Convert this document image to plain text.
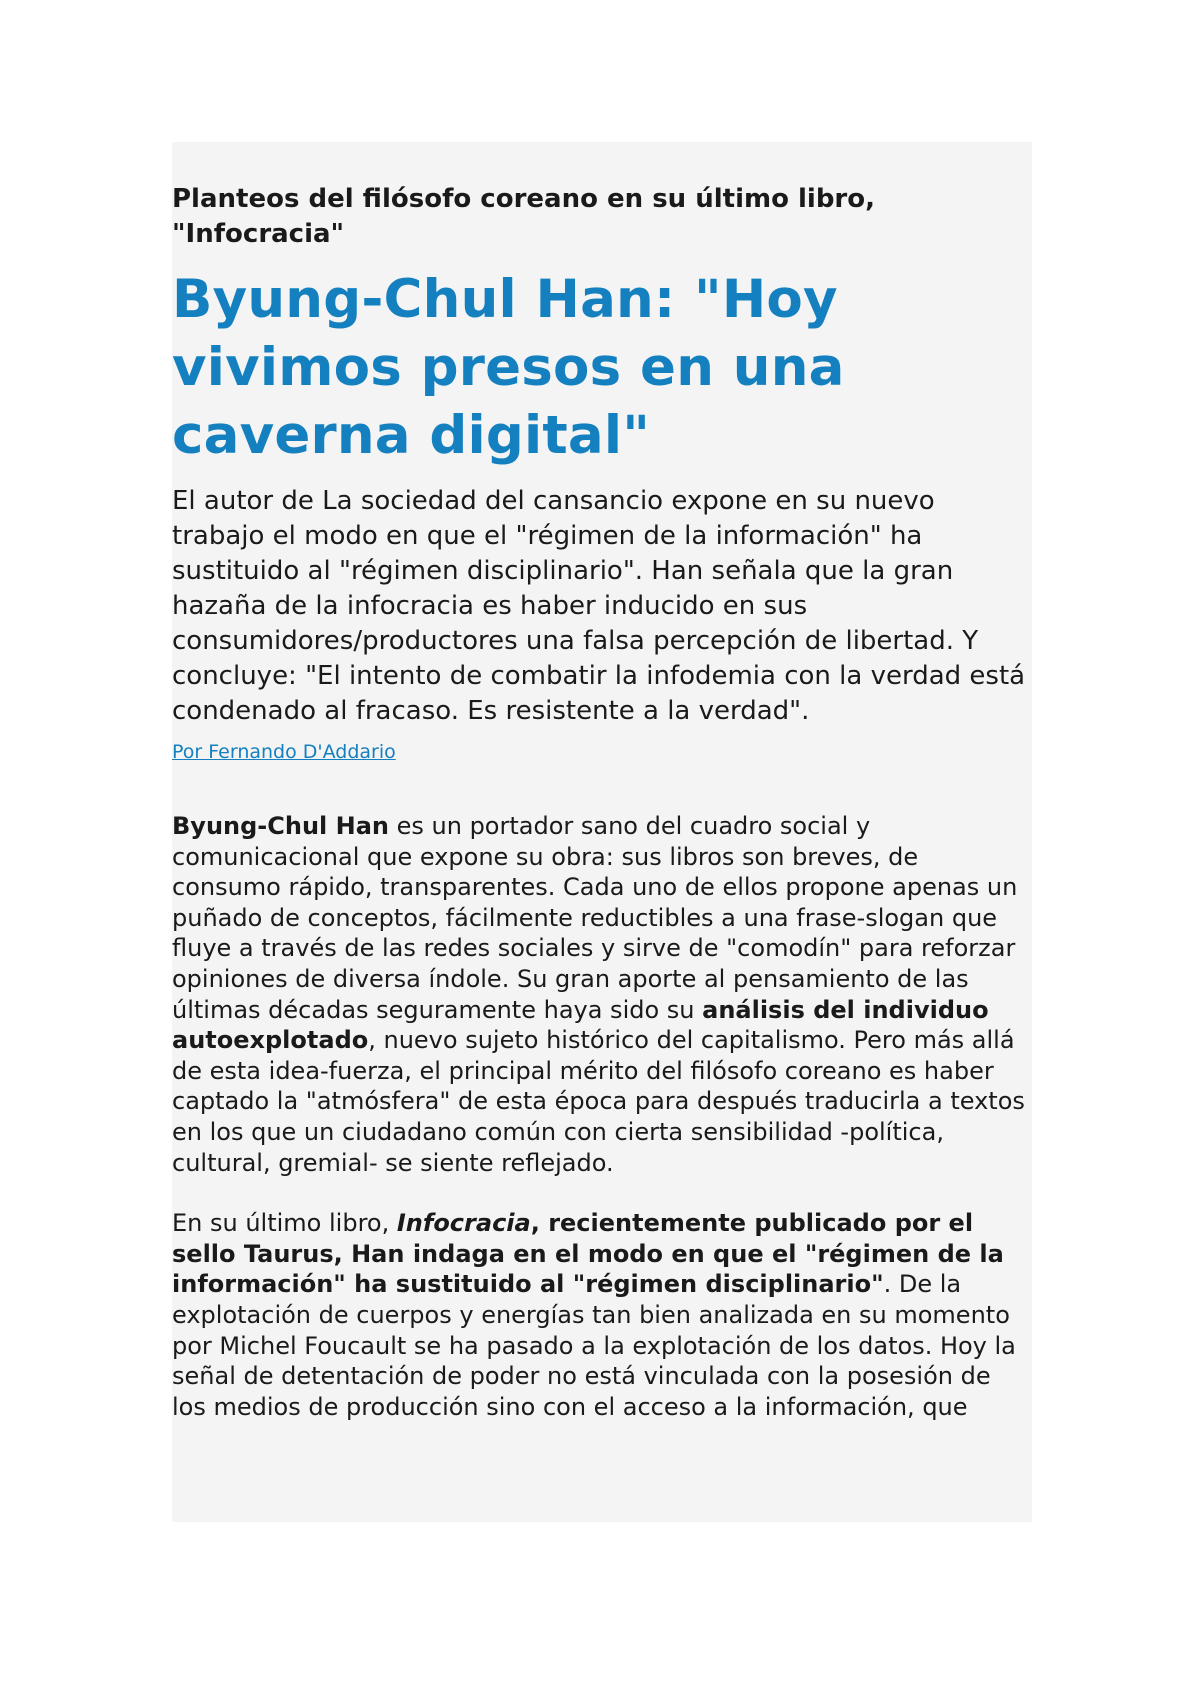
Planteos del filósofo coreano en su último libro, "Infocracia"

Byung-Chul Han: "Hoy vivimos presos en una caverna digital"

El autor de La sociedad del cansancio expone en su nuevo trabajo el modo en que el "régimen de la información" ha sustituido al "régimen disciplinario". Han señala que la gran hazaña de la infocracia es haber inducido en sus consumidores/productores una falsa percepción de libertad. Y concluye: "El intento de combatir la infodemia con la verdad está condenado al fracaso. Es resistente a la verdad".

Por Fernando D'Addario

Byung-Chul Han es un portador sano del cuadro social y comunicacional que expone su obra: sus libros son breves, de consumo rápido, transparentes. Cada uno de ellos propone apenas un puñado de conceptos, fácilmente reductibles a una frase-slogan que fluye a través de las redes sociales y sirve de "comodín" para reforzar opiniones de diversa índole. Su gran aporte al pensamiento de las últimas décadas seguramente haya sido su análisis del individuo autoexplotado, nuevo sujeto histórico del capitalismo. Pero más allá de esta idea-fuerza, el principal mérito del filósofo coreano es haber captado la "atmósfera" de esta época para después traducirla a textos en los que un ciudadano común con cierta sensibilidad -política, cultural, gremial- se siente reflejado.

En su último libro, Infocracia, recientemente publicado por el sello Taurus, Han indaga en el modo en que el "régimen de la información" ha sustituido al "régimen disciplinario". De la explotación de cuerpos y energías tan bien analizada en su momento por Michel Foucault se ha pasado a la explotación de los datos. Hoy la señal de detentación de poder no está vinculada con la posesión de los medios de producción sino con el acceso a la información, que
